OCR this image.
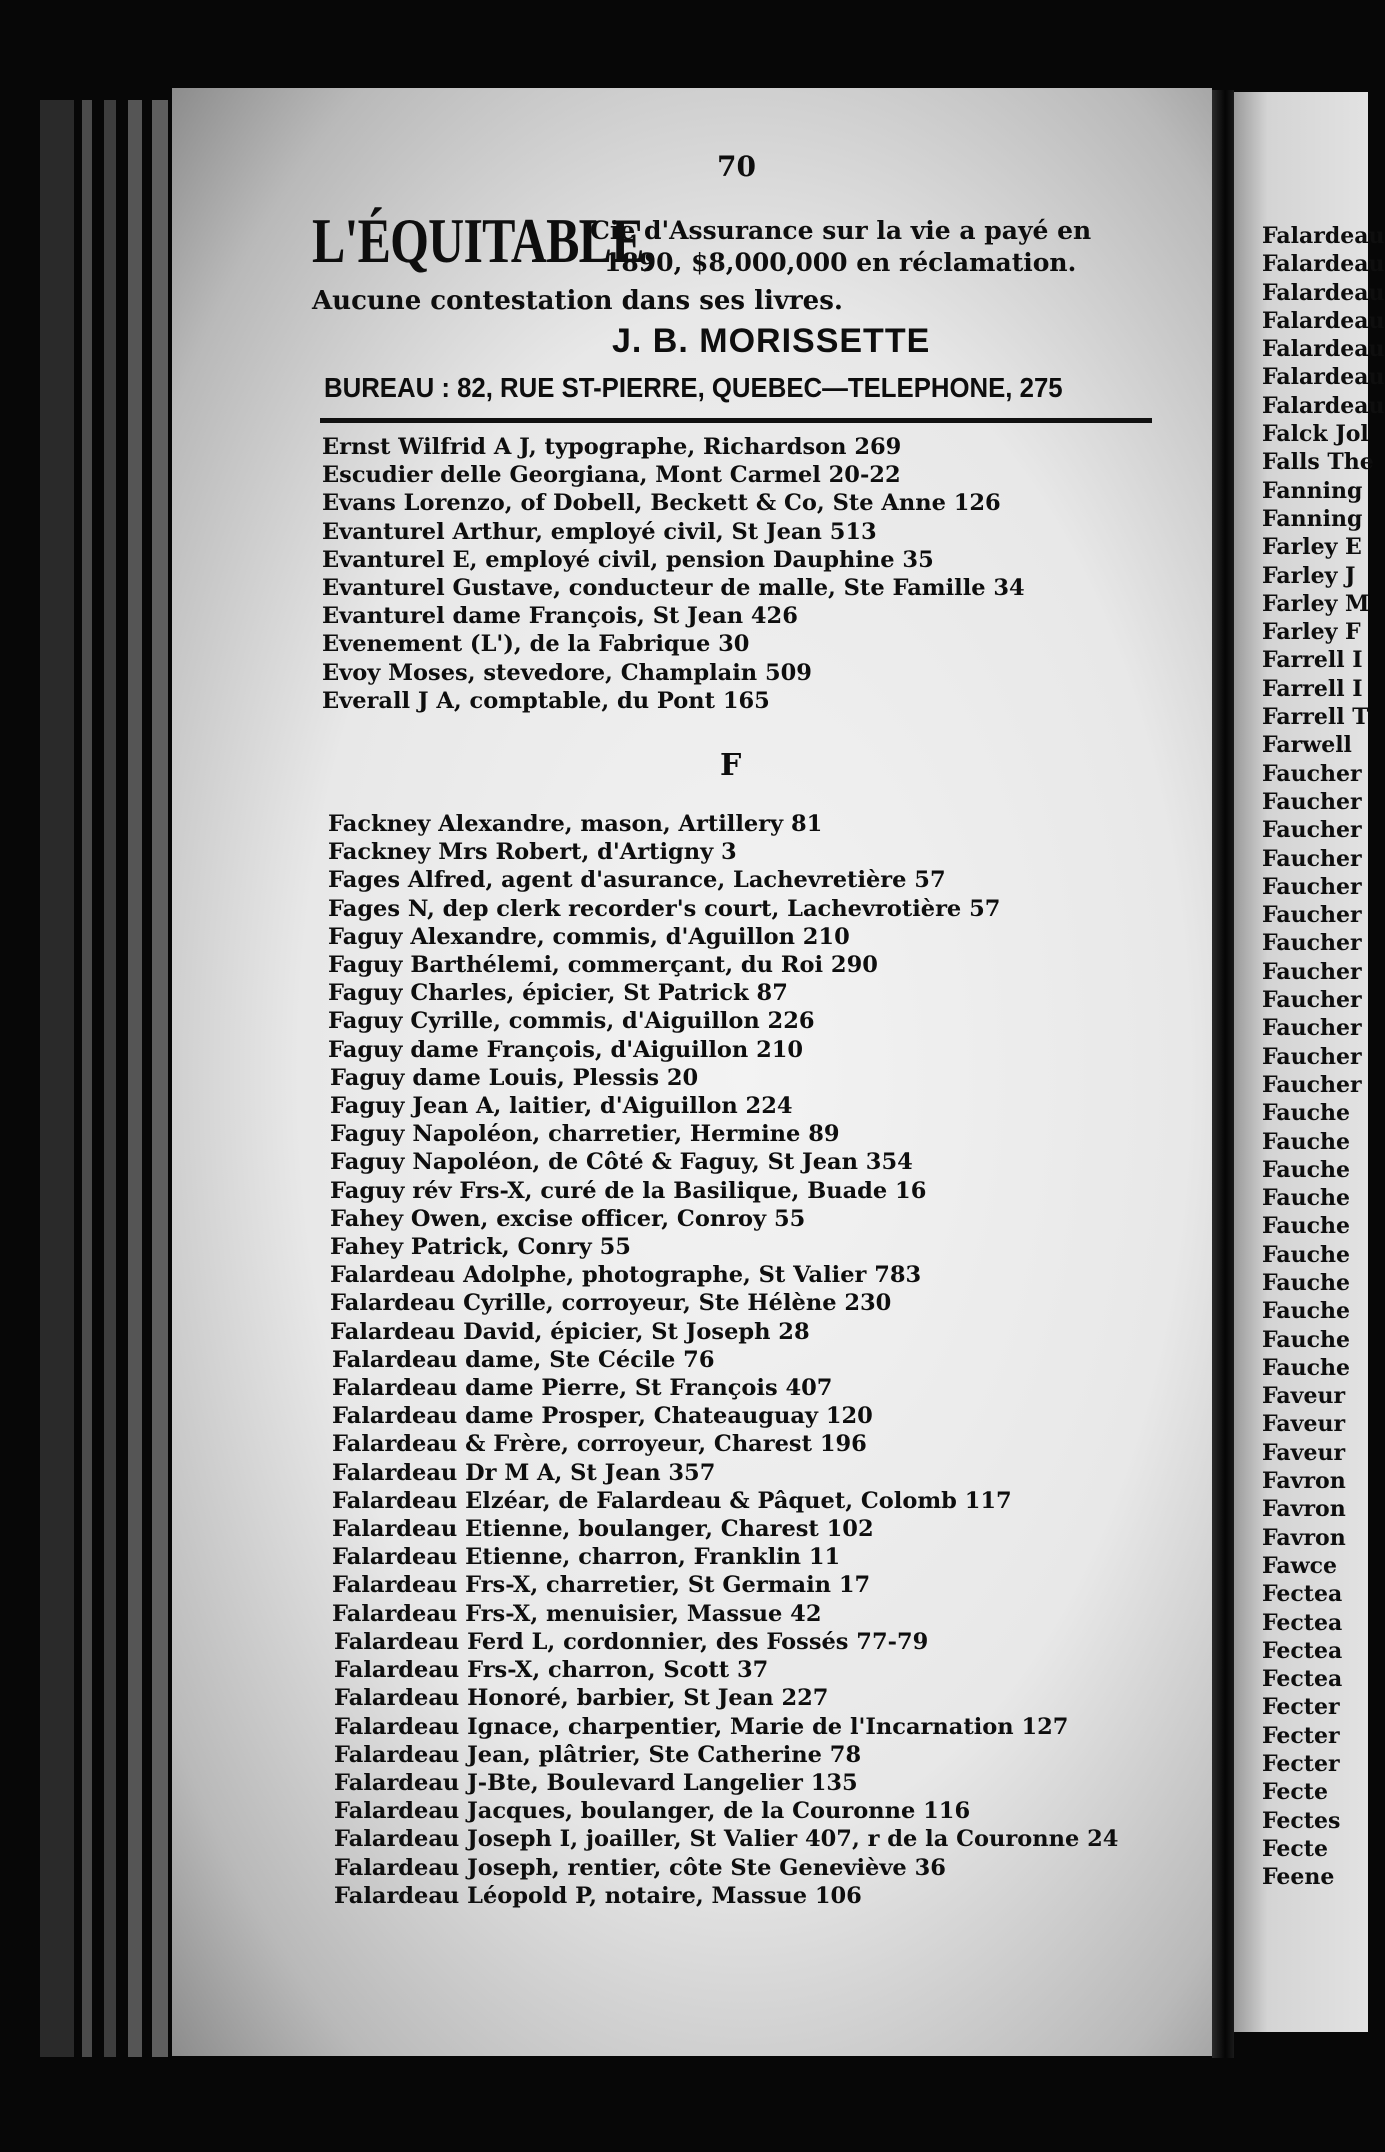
70
L'ÉQUITABLE,
Cie d'Assurance sur la vie a payé en
1890, $8,000,000 en réclamation.
Aucune contestation dans ses livres.
J. B. MORISSETTE
BUREAU : 82, RUE ST-PIERRE, QUEBEC—TELEPHONE, 275
Ernst Wilfrid A J, typographe, Richardson 269
Escudier delle Georgiana, Mont Carmel 20-22
Evans Lorenzo, of Dobell, Beckett & Co, Ste Anne 126
Evanturel Arthur, employé civil, St Jean 513
Evanturel E, employé civil, pension Dauphine 35
Evanturel Gustave, conducteur de malle, Ste Famille 34
Evanturel dame François, St Jean 426
Evenement (L'), de la Fabrique 30
Evoy Moses, stevedore, Champlain 509
Everall J A, comptable, du Pont 165
F
Fackney Alexandre, mason, Artillery 81
Fackney Mrs Robert, d'Artigny 3
Fages Alfred, agent d'asurance, Lachevretière 57
Fages N, dep clerk recorder's court, Lachevrotière 57
Faguy Alexandre, commis, d'Aguillon 210
Faguy Barthélemi, commerçant, du Roi 290
Faguy Charles, épicier, St Patrick 87
Faguy Cyrille, commis, d'Aiguillon 226
Faguy dame François, d'Aiguillon 210
Faguy dame Louis, Plessis 20
Faguy Jean A, laitier, d'Aiguillon 224
Faguy Napoléon, charretier, Hermine 89
Faguy Napoléon, de Côté & Faguy, St Jean 354
Faguy rév Frs-X, curé de la Basilique, Buade 16
Fahey Owen, excise officer, Conroy 55
Fahey Patrick, Conry 55
Falardeau Adolphe, photographe, St Valier 783
Falardeau Cyrille, corroyeur, Ste Hélène 230
Falardeau David, épicier, St Joseph 28
Falardeau dame, Ste Cécile 76
Falardeau dame Pierre, St François 407
Falardeau dame Prosper, Chateauguay 120
Falardeau & Frère, corroyeur, Charest 196
Falardeau Dr M A, St Jean 357
Falardeau Elzéar, de Falardeau & Pâquet, Colomb 117
Falardeau Etienne, boulanger, Charest 102
Falardeau Etienne, charron, Franklin 11
Falardeau Frs-X, charretier, St Germain 17
Falardeau Frs-X, menuisier, Massue 42
Falardeau Ferd L, cordonnier, des Fossés 77-79
Falardeau Frs-X, charron, Scott 37
Falardeau Honoré, barbier, St Jean 227
Falardeau Ignace, charpentier, Marie de l'Incarnation 127
Falardeau Jean, plâtrier, Ste Catherine 78
Falardeau J-Bte, Boulevard Langelier 135
Falardeau Jacques, boulanger, de la Couronne 116
Falardeau Joseph I, joailler, St Valier 407, r de la Couronne 24
Falardeau Joseph, rentier, côte Ste Geneviève 36
Falardeau Léopold P, notaire, Massue 106
Falardeau
Falardeau
Falardeau
Falardeau
Falardeau
Falardeau
Falardeau
Falck Jol
Falls The
Fanning
Fanning
Farley E
Farley J
Farley M
Farley F
Farrell I
Farrell I
Farrell T
Farwell
Faucher
Faucher
Faucher
Faucher
Faucher
Faucher
Faucher
Faucher
Faucher
Faucher
Faucher
Faucher
Fauche
Fauche
Fauche
Fauche
Fauche
Fauche
Fauche
Fauche
Fauche
Fauche
Faveur
Faveur
Faveur
Favron
Favron
Favron
Fawce
Fectea
Fectea
Fectea
Fectea
Fecter
Fecter
Fecter
Fecte
Fectes
Fecte
Feene
